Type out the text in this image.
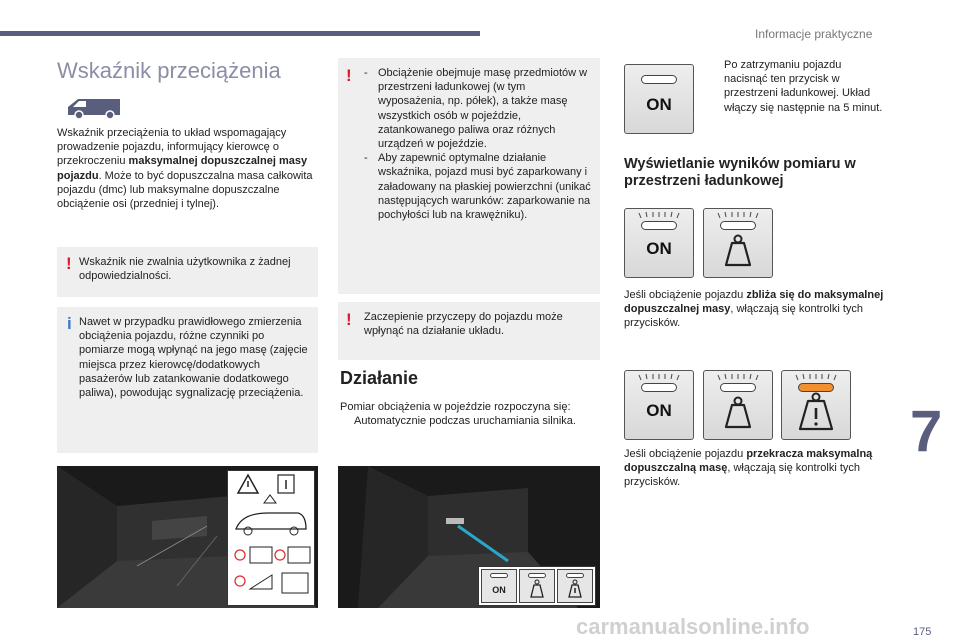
Informacje praktyczne
Wskaźnik przeciążenia
Wskaźnik przeciążenia to układ wspomagający prowadzenie pojazdu, informujący kierowcę o przekroczeniu maksymalnej dopuszczalnej masy pojazdu. Może to być dopuszczalna masa całkowita pojazdu (dmc) lub maksymalne dopuszczalne obciążenie osi (przedniej i tylnej).
! Wskaźnik nie zwalnia użytkownika z żadnej odpowiedzialności.
i Nawet w przypadku prawidłowego zmierzenia obciążenia pojazdu, różne czynniki po pomiarze mogą wpłynąć na jego masę (zajęcie miejsca przez kierowcę/dodatkowych pasażerów lub zatankowanie dodatkowego paliwa), powodując sygnalizację przeciążenia.
! - Obciążenie obejmuje masę przedmiotów w przestrzeni ładunkowej (w tym wyposażenia, np. półek), a także masę wszystkich osób w pojeździe, zatankowanego paliwa oraz różnych urządzeń w pojeździe.
- Aby zapewnić optymalne działanie wskaźnika, pojazd musi być zaparkowany i załadowany na płaskiej powierzchni (unikać następujących warunków: zaparkowanie na pochyłości lub na krawężniku).
! Zaczepienie przyczepy do pojazdu może wpłynąć na działanie układu.
Działanie
Pomiar obciążenia w pojeździe rozpoczyna się:
Automatycznie podczas uruchamiania silnika.
ON
ON
Po zatrzymaniu pojazdu nacisnąć ten przycisk w przestrzeni ładunkowej. Układ włączy się następnie na 5 minut.
Wyświetlanie wyników pomiaru w przestrzeni ładunkowej
ON
Jeśli obciążenie pojazdu zbliża się do maksymalnej dopuszczalnej masy, włączają się kontrolki tych przycisków.
ON
Jeśli obciążenie pojazdu przekracza maksymalną dopuszczalną masę, włączają się kontrolki tych przycisków.
7
carmanualsonline.info	175
